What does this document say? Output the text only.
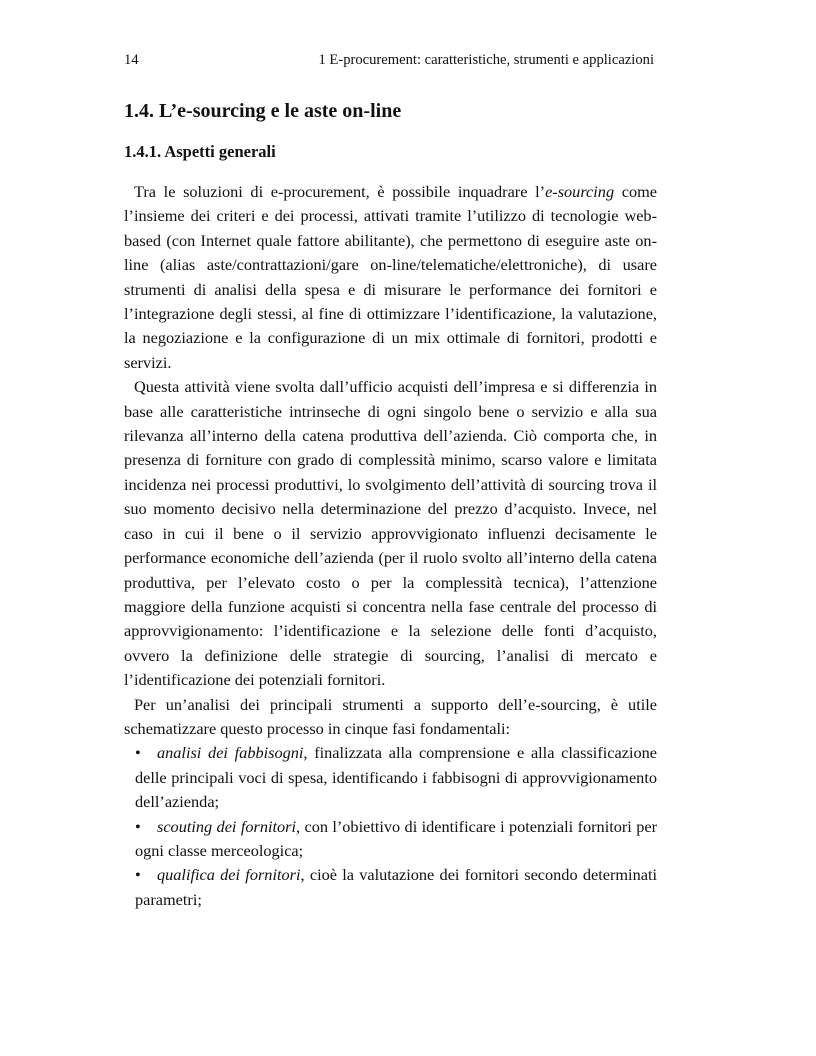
14	1 E-procurement: caratteristiche, strumenti e applicazioni
1.4. L’e-sourcing e le aste on-line
1.4.1. Aspetti generali

Tra le soluzioni di e-procurement, è possibile inquadrare l’e-sourcing come l’insieme dei criteri e dei processi, attivati tramite l’utilizzo di tecnologie web-based (con Internet quale fattore abilitante), che permettono di eseguire aste on-line (alias aste/contrattazioni/gare on-line/telematiche/elettroniche), di usare strumenti di analisi della spesa e di misurare le performance dei fornitori e l’integrazione degli stessi, al fine di ottimizzare l’identificazione, la valutazione, la negoziazione e la configurazione di un mix ottimale di fornitori, prodotti e servizi.

Questa attività viene svolta dall’ufficio acquisti dell’impresa e si differenzia in base alle caratteristiche intrinseche di ogni singolo bene o servizio e alla sua rilevanza all’interno della catena produttiva dell’azienda. Ciò comporta che, in presenza di forniture con grado di complessità minimo, scarso valore e limitata incidenza nei processi produttivi, lo svolgimento dell’attività di sourcing trova il suo momento decisivo nella determinazione del prezzo d’acquisto. Invece, nel caso in cui il bene o il servizio approvvigionato influenzi decisamente le performance economiche dell’azienda (per il ruolo svolto all’interno della catena produttiva, per l’elevato costo o per la complessità tecnica), l’attenzione maggiore della funzione acquisti si concentra nella fase centrale del processo di approvvigionamento: l’identificazione e la selezione delle fonti d’acquisto, ovvero la definizione delle strategie di sourcing, l’analisi di mercato e l’identificazione dei potenziali fornitori.

Per un’analisi dei principali strumenti a supporto dell’e-sourcing, è utile schematizzare questo processo in cinque fasi fondamentali:

• analisi dei fabbisogni, finalizzata alla comprensione e alla classificazione delle principali voci di spesa, identificando i fabbisogni di approvvigionamento dell’azienda;
• scouting dei fornitori, con l’obiettivo di identificare i potenziali fornitori per ogni classe merceologica;
• qualifica dei fornitori, cioè la valutazione dei fornitori secondo determinati parametri;
